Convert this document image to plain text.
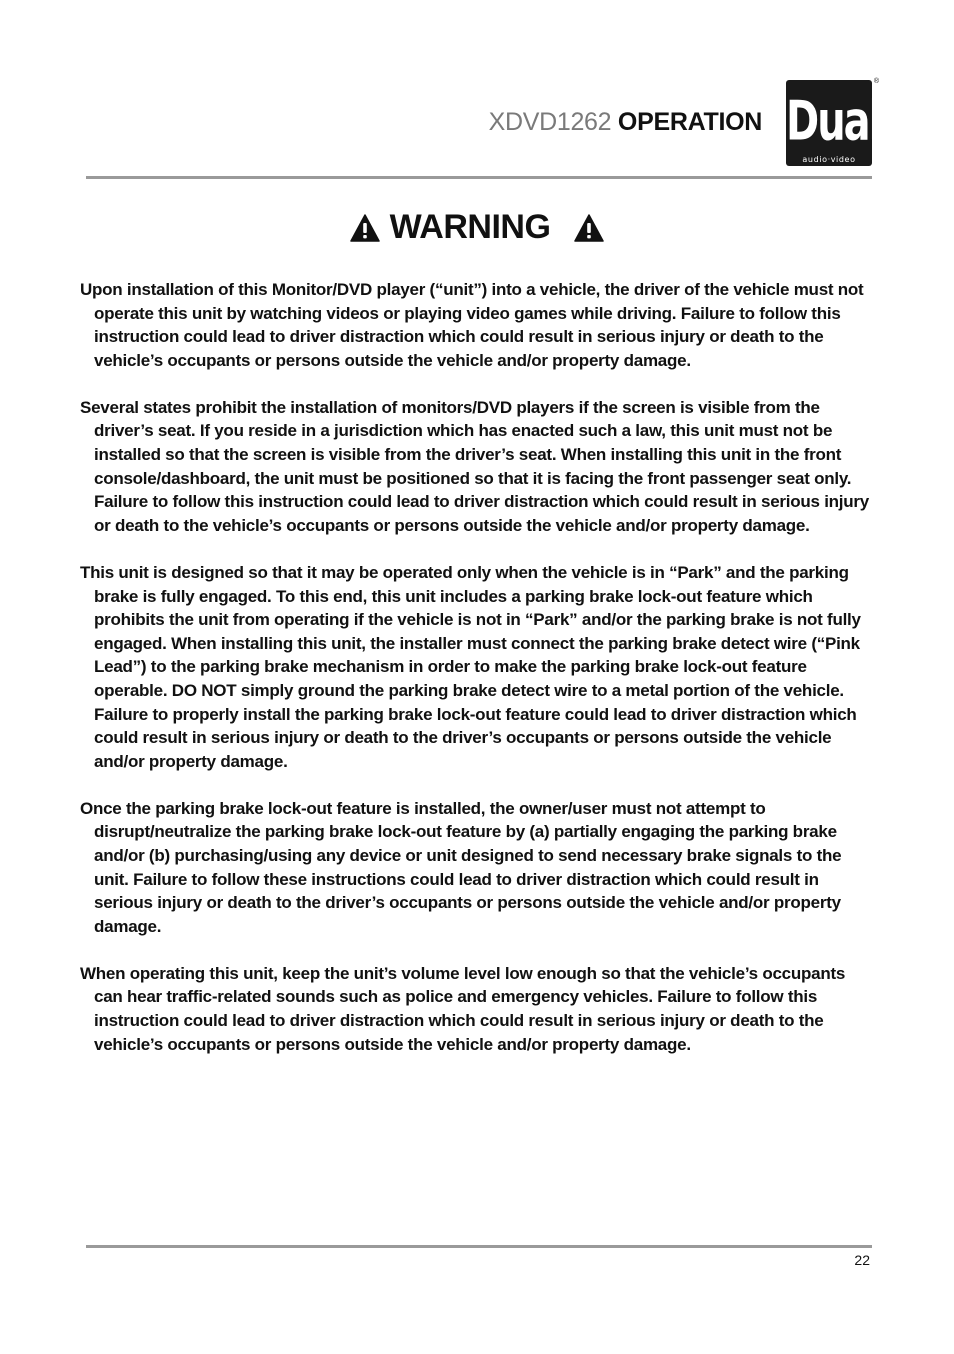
XDVD1262 OPERATION Dual
audio·video
®
WARNING

Upon installation of this Monitor/DVD player (“unit”) into a vehicle, the driver of the vehicle must not operate this unit by watching videos or playing video games while driving. Failure to follow this instruction could lead to driver distraction which could result in serious injury or death to the vehicle’s occupants or persons outside the vehicle and/or property damage.

Several states prohibit the installation of monitors/DVD players if the screen is visible from the driver’s seat. If you reside in a jurisdiction which has enacted such a law, this unit must not be installed so that the screen is visible from the driver’s seat. When installing this unit in the front console/dashboard, the unit must be positioned so that it is facing the front passenger seat only. Failure to follow this instruction could lead to driver distraction which could result in serious injury or death to the vehicle’s occupants or persons outside the vehicle and/or property damage.

This unit is designed so that it may be operated only when the vehicle is in “Park” and the parking brake is fully engaged. To this end, this unit includes a parking brake lock-out feature which prohibits the unit from operating if the vehicle is not in “Park” and/or the parking brake is not fully engaged. When installing this unit, the installer must connect the parking brake detect wire (“Pink Lead”) to the parking brake mechanism in order to make the parking brake lock-out feature operable. DO NOT simply ground the parking brake detect wire to a metal portion of the vehicle. Failure to properly install the parking brake lock-out feature could lead to driver distraction which could result in serious injury or death to the driver’s occupants or persons outside the vehicle and/or property damage.

Once the parking brake lock-out feature is installed, the owner/user must not attempt to disrupt/neutralize the parking brake lock-out feature by (a) partially engaging the parking brake and/or (b) purchasing/using any device or unit designed to send necessary brake signals to the unit. Failure to follow these instructions could lead to driver distraction which could result in serious injury or death to the driver’s occupants or persons outside the vehicle and/or property damage.

When operating this unit, keep the unit’s volume level low enough so that the vehicle’s occupants can hear traffic-related sounds such as police and emergency vehicles. Failure to follow this instruction could lead to driver distraction which could result in serious injury or death to the vehicle’s occupants or persons outside the vehicle and/or property damage.

22
